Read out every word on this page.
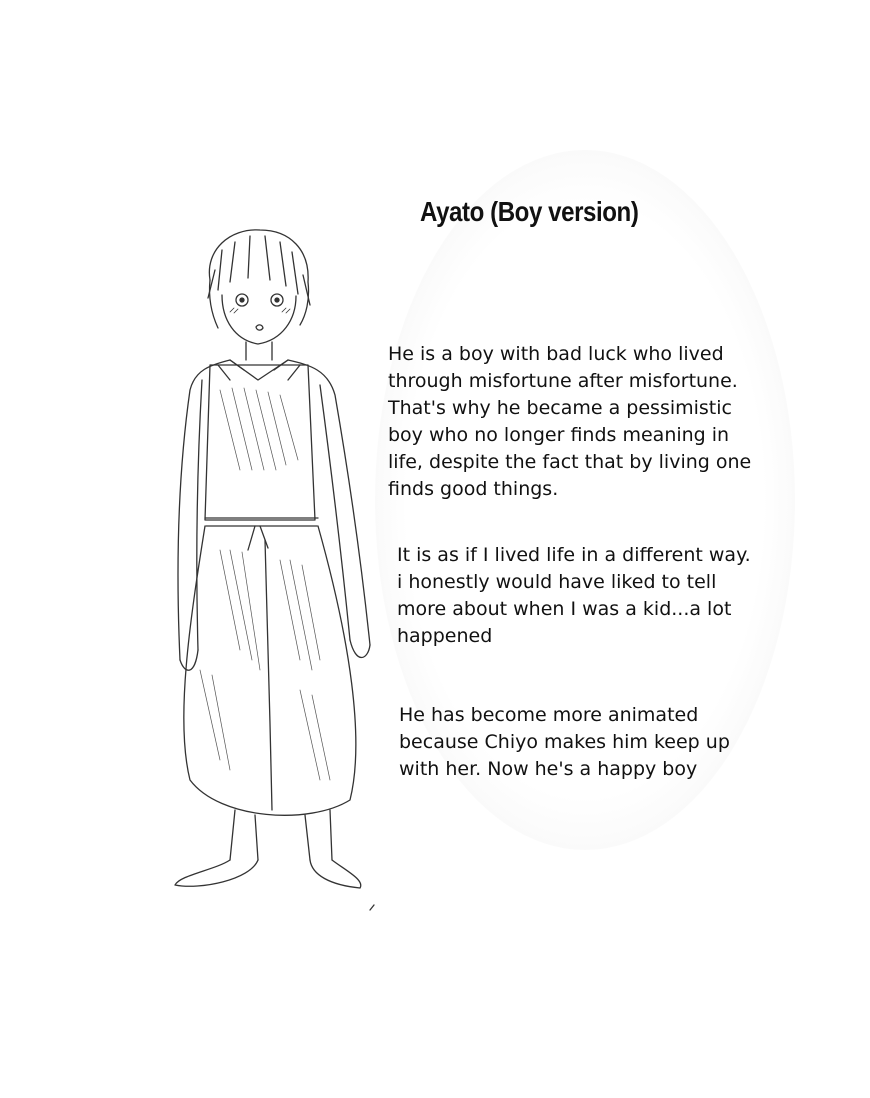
Ayato (Boy version)
He is a boy with bad luck who lived through misfortune after misfortune. That's why he became a pessimistic boy who no longer finds meaning in life, despite the fact that by living one finds good things.
It is as if I lived life in a different way. i honestly would have liked to tell more about when I was a kid...a lot happened
He has become more animated because Chiyo makes him keep up with her. Now he's a happy boy
